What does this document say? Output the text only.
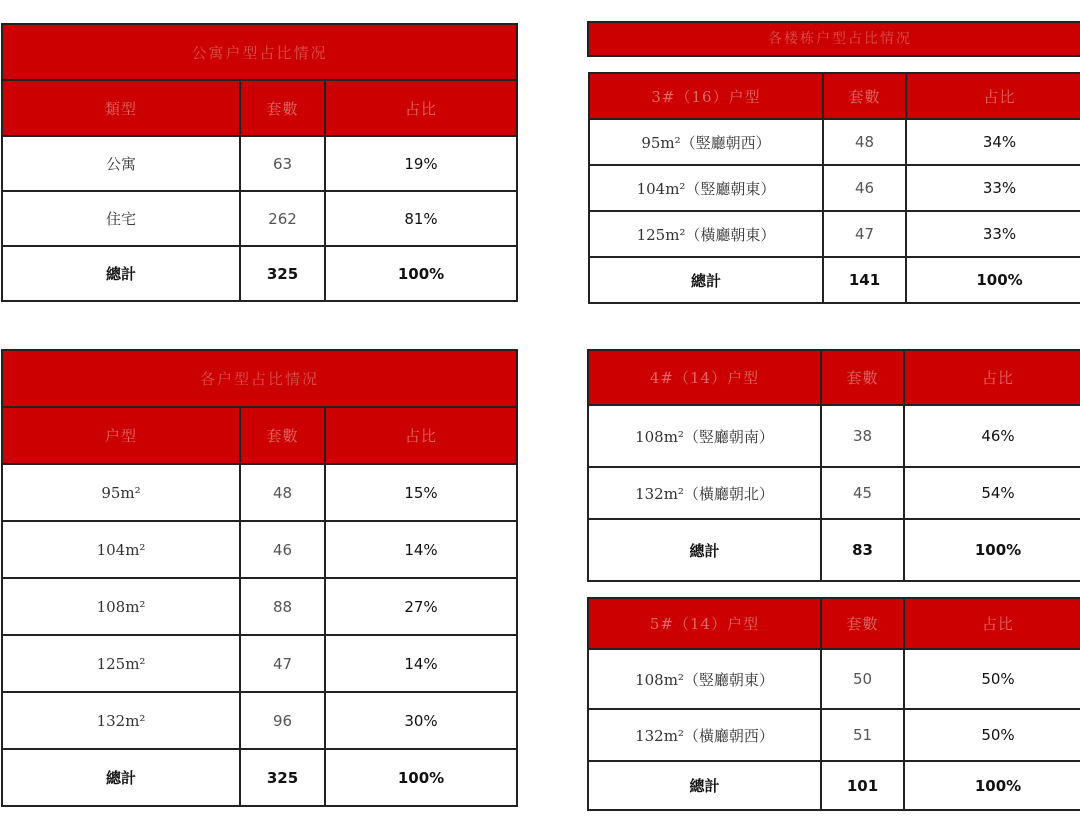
公寓户型占比情况		
類型	套數	占比
公寓	63	19%
住宅	262	81%
總計	325	100%
各户型占比情况		
户型	套數	占比
95m²	48	15%
104m²	46	14%
108m²	88	27%
125m²	47	14%
132m²	96	30%
總計	325	100%
各楼栋户型占比情况
3#（16）户型	套數	占比
95m²（竪廳朝西）	48	34%
104m²（竪廳朝東）	46	33%
125m²（橫廳朝東）	47	33%
總計	141	100%
4#（14）户型	套數	占比
108m²（竪廳朝南）	38	46%
132m²（橫廳朝北）	45	54%
總計	83	100%
5#（14）户型	套數	占比
108m²（竪廳朝東）	50	50%
132m²（橫廳朝西）	51	50%
總計	101	100%
